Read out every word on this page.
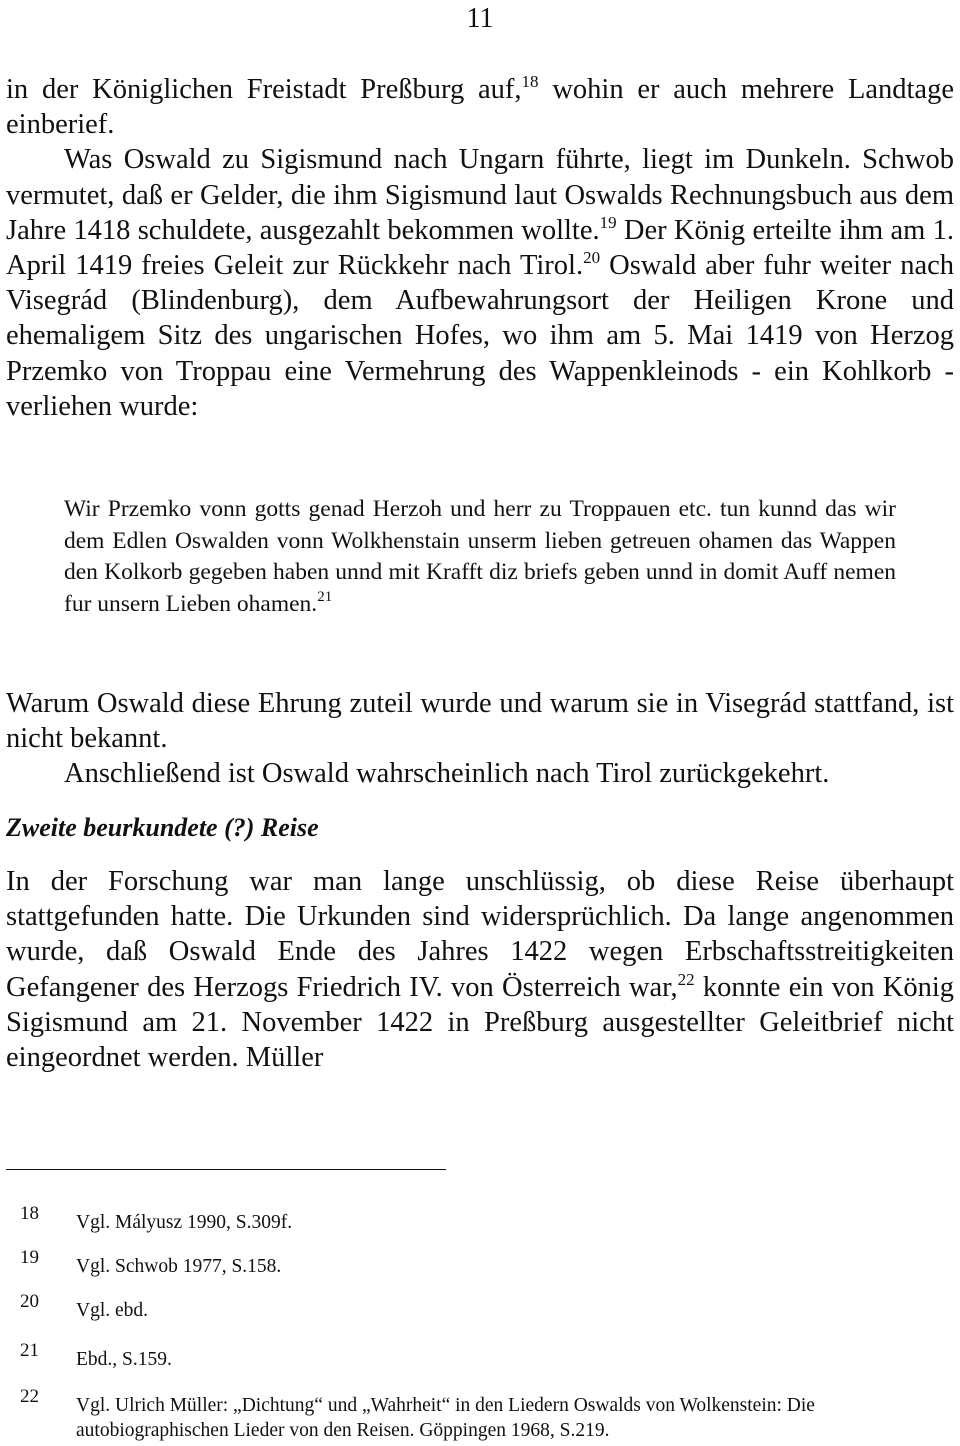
11

in der Königlichen Freistadt Preßburg auf,$^{18}$ wohin er auch mehrere Landtage einberief.

Was Oswald zu Sigismund nach Ungarn führte, liegt im Dunkeln. Schwob vermutet, daß er Gelder, die ihm Sigismund laut Oswalds Rechnungsbuch aus dem Jahre 1418 schuldete, ausgezahlt bekommen wollte.$^{19}$ Der König erteilte ihm am 1. April 1419 freies Geleit zur Rückkehr nach Tirol.$^{20}$ Oswald aber fuhr weiter nach Visegrád (Blindenburg), dem Aufbewahrungsort der Heiligen Krone und ehemaligem Sitz des ungarischen Hofes, wo ihm am 5. Mai 1419 von Herzog Przemko von Troppau eine Vermehrung des Wappenkleinods - ein Kohlkorb - verliehen wurde:

Wir Przemko vonn gotts genad Herzoh und herr zu Troppauen etc. tun kunnd das wir dem Edlen Oswalden vonn Wolkhenstain unserm lieben getreuen ohamen das Wappen den Kolkorb gegeben haben unnd mit Krafft diz briefs geben unnd in domit Auff nemen fur unsern Lieben ohamen.$^{21}$

Warum Oswald diese Ehrung zuteil wurde und warum sie in Visegrád stattfand, ist nicht bekannt.

Anschließend ist Oswald wahrscheinlich nach Tirol zurückgekehrt.

Zweite beurkundete (?) Reise

In der Forschung war man lange unschlüssig, ob diese Reise überhaupt stattgefunden hatte. Die Urkunden sind widersprüchlich. Da lange angenommen wurde, daß Oswald Ende des Jahres 1422 wegen Erbschaftsstreitigkeiten Gefangener des Herzogs Friedrich IV. von Österreich war,$^{22}$ konnte ein von König Sigismund am 21. November 1422 in Preßburg ausgestellter Geleitbrief nicht eingeordnet werden. Müller

18 Vgl. Mályusz 1990, S.309f.
19 Vgl. Schwob 1977, S.158.
20 Vgl. ebd.
21 Ebd., S.159.
22 Vgl. Ulrich Müller: „Dichtung“ und „Wahrheit“ in den Liedern Oswalds von Wolkenstein: Die autobiographischen Lieder von den Reisen. Göppingen 1968, S.219.
